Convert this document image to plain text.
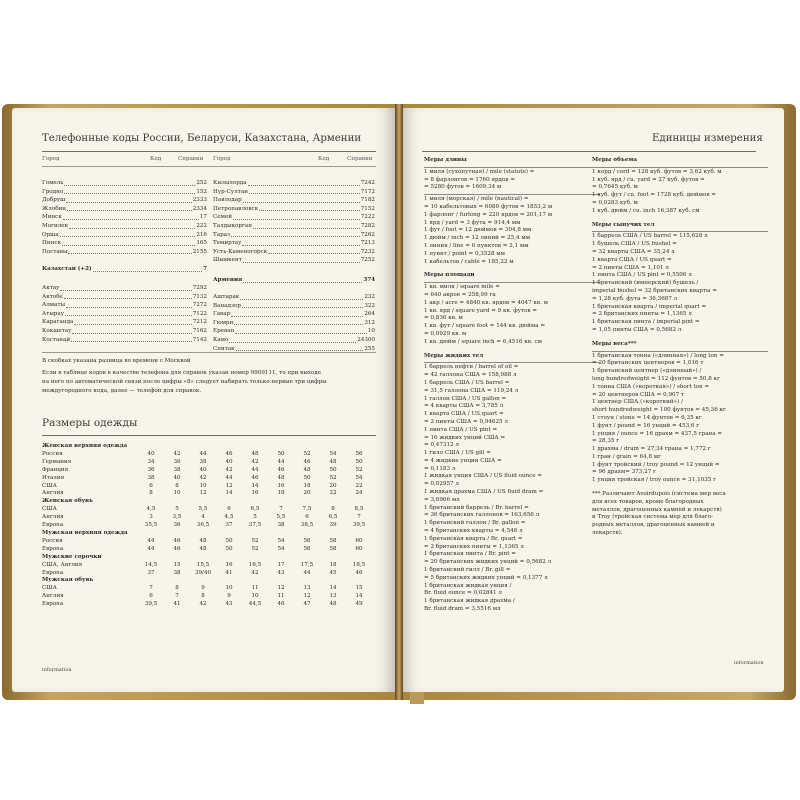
Телефонные коды России, Беларуси, Казахстана, Армении
Город	Код	Справки Город	Код	Справки
Гомель	252
Гродно	152
Добруш	2333
Жлобин	2334
Минск	17
Могилев	222
Орша	216
Пинск	165
Поставы	2155
Казахстан (+2)	7
Актау	7292
Актобе	7132
Алматы	7272
Атырау	7122
Караганда	7212
Кокшетау	7162
Костанай	7142
Кызылорда	7242
Нур-Султан	7172
Павлодар	7182
Петропавловск	7152
Семей	7222
Талдыкорган	7282
Тараз	7262
Темиртау	7213
Усть-Каменогорск	7232
Шымкент	7252
Армения	374
Аштарак	232
Ванадзор	322
Гавар	264
Гюмри	312
Ереван	10
Камо	24300
Спитак	255
В скобках указана разница во времени с Москвой
Если в таблице кодов в качестве телефона для справок указан номер 9909111, то при выходе
на него по автоматической связи после цифры «8» следует набирать только первые три цифры
междугородного кода, далее — телефон для справок.
Размеры одежды
Женская верхняя одежда									
Россия	40	42	44	46	48	50	52	54	56
Германия	34	36	38	40	42	44	46	48	50
Франция	36	38	40	42	44	46	48	50	52
Италия	38	40	42	44	46	48	50	52	54
США	6	8	10	12	14	16	18	20	22
Англия	8	10	12	14	16	18	20	22	24
Женская обувь									
США	4,5	5	5,5	6	6,5	7	7,5	8	8,5
Англия	3	3,5	4	4,5	5	5,5	6	6,5	7
Европа	35,5	36	36,5	37	37,5	38	38,5	39	39,5
Мужская верхняя одежда									
Россия	44	46	48	50	52	54	56	58	60
Европа	44	46	48	50	52	54	56	58	60
Мужские сорочки									
США, Англия	14,5	15	15,5	16	16,5	17	17,5	18	18,5
Европа	37	38	39/40	41	42	43	44	45	46
Мужская обувь									
США	7	8	9	10	11	12	13	14	15
Англия	6	7	8	9	10	11	12	13	14
Европа	39,5	41	42	43	44,5	46	47	48	49
information
Единицы измерения
Меры длины
1 миля (сухопутная) / mile (statute) =
= 8 фарлонгов = 1760 ярдов =
= 5280 футов = 1609,34 м
1 миля (морская) / mile (nautical) =
= 10 кабельтовых = 6080 футов = 1853,2 м
1 фарлонг / furlong = 220 ярдов = 201,17 м
1 ярд / yard = 3 фута = 914,4 мм
1 фут / foot = 12 дюймов = 304,8 мм
1 дюйм / inch = 12 линий = 25,4 мм
1 линия / line = 6 пунктов = 2,1 мм
1 пункт / point = 0,3528 мм
1 кабельтов / cable = 185,22 м
Меры площади
1 кв. миля / square mile =
= 640 акров = 258,99 га
1 акр / acre = 4840 кв. ярдов = 4047 кв. м
1 кв. ярд / square yard = 9 кв. футов =
= 0,836 кв. м
1 кв. фут / square foot = 144 кв. дюйма =
= 0,0929 кв. м
1 кв. дюйм / square inch = 6,4516 кв. см
Меры жидких тел
1 баррель нефти / barrel of oil =
= 42 галлона США = 158,988 л
1 баррель США / US barrel =
= 31,5 галлона США = 119,24 л
1 галлон США / US gallon =
= 4 кварты США = 3,785 л
1 кварта США / US quart =
= 2 пинты США = 0,94625 л
1 пинта США / US pint =
= 16 жидких унций США =
= 0,47312 л
1 гилл США / US gill =
= 4 жидкие унции США =
= 0,1183 л
1 жидкая унция США / US fluid ounce =
= 0,02957 л
1 жидкая драхма США / US fluid dram =
= 3,6966 мл
1 британский баррель / Br. barrel =
= 36 британских галлонов = 163,656 л
1 британский галлон / Br. gallon =
= 4 британских кварты = 4,546 л
1 британская кварта / Br. quart =
= 2 британских пинты = 1,1365 л
1 британская пинта / Br. pint =
= 20 британских жидких унций = 0,5682 л
1 британский гилл / Br. gill =
= 5 британских жидких унций = 0,1377 л
1 британская жидкая унция /
Br. fluid ounce = 0,02841 л
1 британская жидкая драхма /
Br. fluid dram = 3,5516 мл
Меры объема
1 корд / cord = 128 куб. футов = 3,62 куб. м
1 куб. ярд / cu. yard = 27 куб. футов =
= 0,7645 куб. м
1 куб. фут / cu. foot = 1728 куб. дюймов =
= 0,0283 куб. м
1 куб. дюйм / cu. inch 16,387 куб. см
Меры сыпучих тел
1 баррель США / US barrel = 115,628 л
1 бушель США / US bushel =
= 32 кварты США = 35,24 л
1 кварта США / US quart =
= 2 пинты США = 1,101 л
1 пинта США / US pint = 0,5506 л
1 британский (имперский) бушель /
imperial bushel = 32 британских кварты =
= 1,28 куб. фута = 36,3687 л
1 британская кварта / imperial quart =
= 2 британских пинты = 1,1365 л
1 британская пинта / imperial pint =
= 1,05 пинты США = 0,5682 л
Меры веса***
1 британская тонна («длинная») / long ton =
= 20 британских центнеров = 1,016 т
1 британский центнер («длинный») /
long hundredweight = 112 фунтов = 50,8 кг
1 тонна США («короткая») / short ton =
= 20 центнеров США = 0,907 т
1 центнер США («короткий») /
short hundredweight = 100 фунтов = 45,36 кг
1 стоун / stone = 14 фунтов = 6,35 кг
1 фунт / pound = 16 унций = 453,6 г
1 унция / ounce = 16 драхм = 437,5 грана =
= 28,35 г
1 драхма / dram = 27,34 грана = 1,772 г
1 гран / grain = 64,8 мг
1 фунт тройский / troy pound = 12 унций =
= 96 драхм= 373,27 г
1 унция тройская / troy ounce = 31,1035 г
*** Различают Avoirdupois (система мер веса
для всех товаров, кроме благородных
металлов, драгоценных камней и лекарств)
и Troy (тройская система мер для благо-
родных металлов, драгоценных камней и
лекарств).
information
